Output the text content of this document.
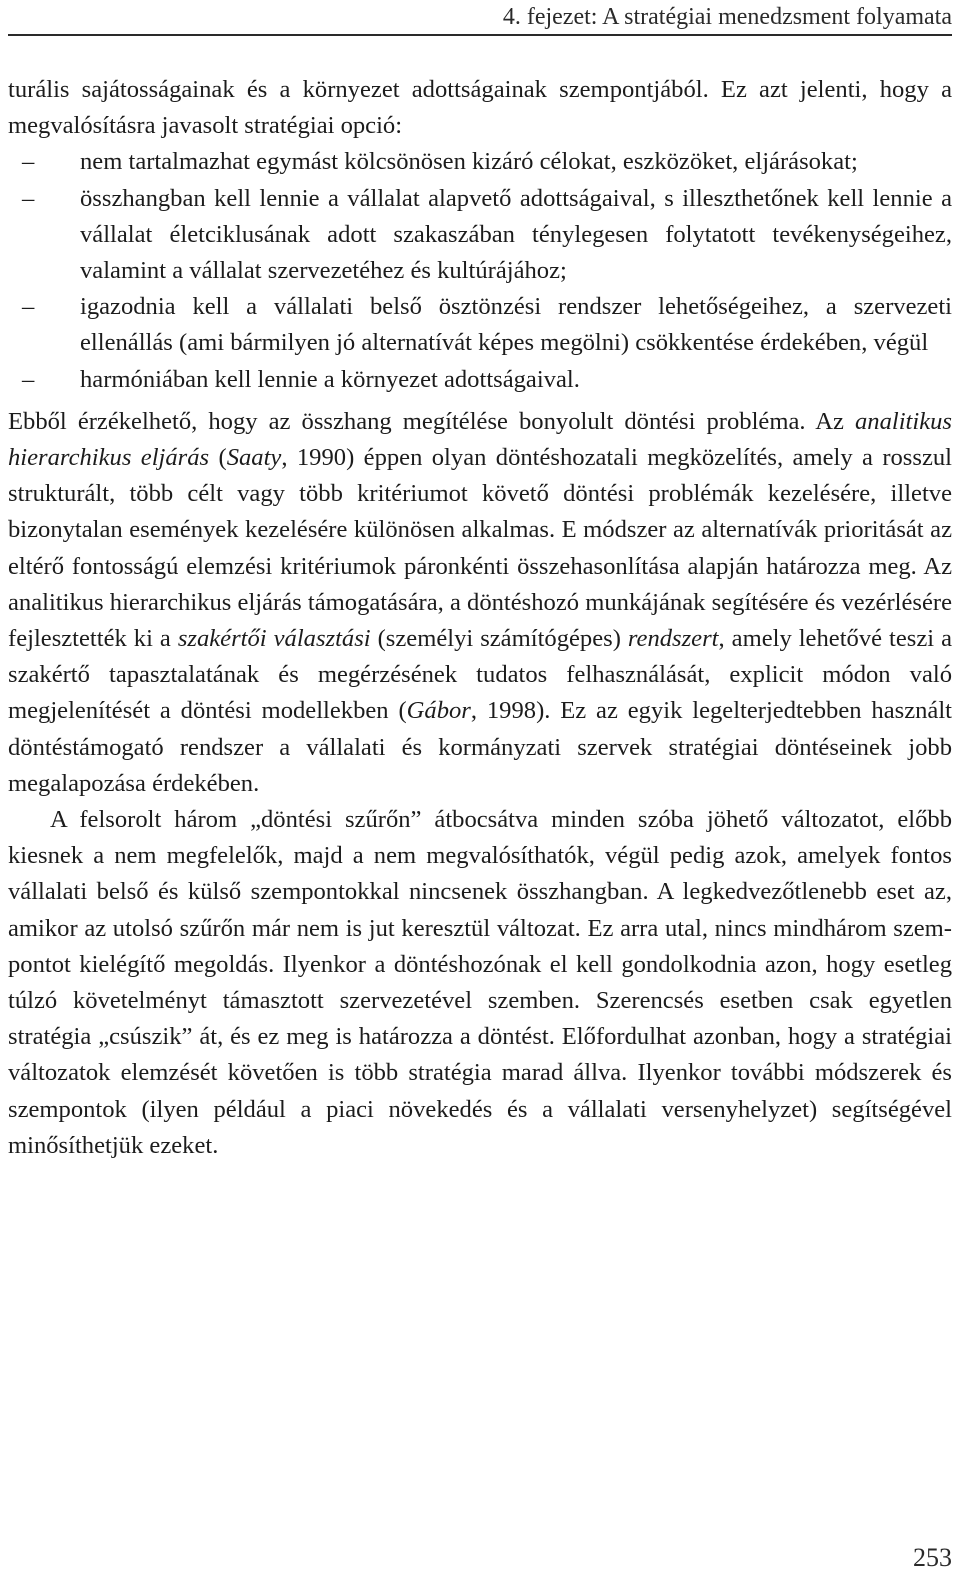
4. fejezet: A stratégiai menedzsment folyamata

turális sajátosságainak és a környezet adottságainak szempontjából. Ez azt jelenti, hogy a megvalósításra javasolt stratégiai opció:

– nem tartalmazhat egymást kölcsönösen kizáró célokat, eszközöket, eljárásokat;
– összhangban kell lennie a vállalat alapvető adottságaival, s illeszthetőnek kell lennie a vállalat életciklusának adott szakaszában ténylegesen folytatott tevékenységeihez, valamint a vállalat szervezetéhez és kultúrájához;
– igazodnia kell a vállalati belső ösztönzési rendszer lehetőségeihez, a szervezeti ellenállás (ami bármilyen jó alternatívát képes megölni) csökkentése érdekében, végül
– harmóniában kell lennie a környezet adottságaival.

Ebből érzékelhető, hogy az összhang megítélése bonyolult döntési probléma. Az analitikus hierarchikus eljárás (Saaty, 1990) éppen olyan döntéshozatali megközelítés, amely a rosszul strukturált, több célt vagy több kritériumot követő döntési problémák kezelésére, illetve bizonytalan események kezelésére különösen alkalmas. E módszer az alternatívák prioritását az eltérő fontosságú elemzési kritériumok páronkénti összehasonlítása alapján határozza meg. Az analitikus hierarchikus eljárás támogatására, a döntéshozó munkájának segítésére és vezérlésére fejlesztették ki a szakértői választási (személyi számítógépes) rendszert, amely lehetővé teszi a szakértő tapasztalatának és megérzésének tudatos felhasználását, explicit módon való megjelenítését a döntési modellekben (Gábor, 1998). Ez az egyik legelterjedtebben használt döntéstámogató rendszer a vállalati és kormányzati szervek stratégiai döntéseinek jobb megalapozása érdekében.

A felsorolt három „döntési szűrőn” átbocsátva minden szóba jöhető változatot, előbb kiesnek a nem megfelelők, majd a nem megvalósíthatók, végül pedig azok, amelyek fontos vállalati belső és külső szempontokkal nincsenek összhangban. A legkedvezőtlenebb eset az, amikor az utolsó szűrőn már nem is jut keresztül változat. Ez arra utal, nincs mindhárom szempontot kielégítő megoldás. Ilyenkor a döntéshozónak el kell gondolkodnia azon, hogy esetleg túlzó követelményt támasztott szervezetével szemben. Szerencsés esetben csak egyetlen stratégia „csúszik” át, és ez meg is határozza a döntést. Előfordulhat azonban, hogy a stratégiai változatok elemzését követően is több stratégia marad állva. Ilyenkor további módszerek és szempontok (ilyen például a piaci növekedés és a vállalati versenyhelyzet) segítségével minősíthetjük ezeket.

253
